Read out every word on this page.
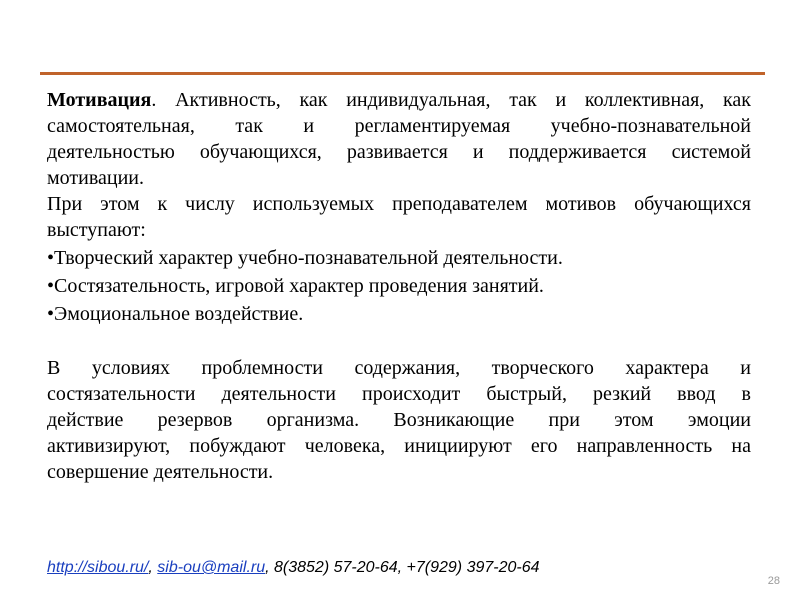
Мотивация. Активность, как индивидуальная, так и коллективная, как
самостоятельная, так и регламентируемая учебно-познавательной
деятельностью обучающихся, развивается и поддерживается системой
мотивации.
При этом к числу используемых преподавателем мотивов обучающихся
выступают:
•Творческий характер учебно-познавательной деятельности.
•Состязательность, игровой характер проведения занятий.
•Эмоциональное воздействие.
В условиях проблемности содержания, творческого характера и
состязательности деятельности происходит быстрый, резкий ввод в
действие резервов организма. Возникающие при этом эмоции
активизируют, побуждают человека, инициируют его направленность на
совершение деятельности.
http://sibou.ru/, sib-ou@mail.ru, 8(3852) 57-20-64, +7(929) 397-20-64
28
